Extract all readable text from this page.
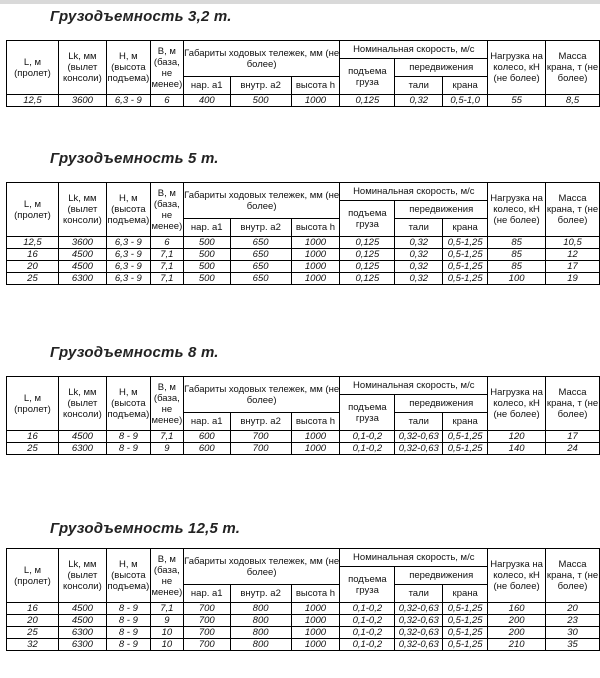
Грузодъемность 3,2 т.
L, м (пролет)	Lk, мм (вылет консоли)	H, м (высота подъема)	B, м (база, не менее)	Габариты ходовых тележек, мм (не более)			Номинальная скорость, м/с			Нагрузка на колесо, кН (не более)	Масса крана, т (не более)
							подъема груза	передвижения			
				нар. а1	внутр. а2	высота h		тали	крана		

12,5	3600	6,3 - 9	6	400	500	1000	0,125	0,32	0,5-1,0	55	8,5
Грузодъемность 5 т.
L, м (пролет)	Lk, мм (вылет консоли)	H, м (высота подъема)	B, м (база, не менее)	Габариты ходовых тележек, мм (не более)			Номинальная скорость, м/с			Нагрузка на колесо, кН (не более)	Масса крана, т (не более)
							подъема груза	передвижения			
				нар. а1	внутр. а2	высота h		тали	крана		

12,5	3600	6,3 - 9	6	500	650	1000	0,125	0,32	0,5-1,25	85	10,5
16	4500	6,3 - 9	7,1	500	650	1000	0,125	0,32	0,5-1,25	85	12
20	4500	6,3 - 9	7,1	500	650	1000	0,125	0,32	0,5-1,25	85	17
25	6300	6,3 - 9	7,1	500	650	1000	0,125	0,32	0,5-1,25	100	19
Грузодъемность 8 т.
L, м (пролет)	Lk, мм (вылет консоли)	H, м (высота подъема)	B, м (база, не менее)	Габариты ходовых тележек, мм (не более)			Номинальная скорость, м/с			Нагрузка на колесо, кН (не более)	Масса крана, т (не более)
							подъема груза	передвижения			
				нар. а1	внутр. а2	высота h		тали	крана		

16	4500	8 - 9	7,1	600	700	1000	0,1-0,2	0,32-0,63	0,5-1,25	120	17
25	6300	8 - 9	9	600	700	1000	0,1-0,2	0,32-0,63	0,5-1,25	140	24
Грузодъемность 12,5 т.
L, м (пролет)	Lk, мм (вылет консоли)	H, м (высота подъема)	B, м (база, не менее)	Габариты ходовых тележек, мм (не более)			Номинальная скорость, м/с			Нагрузка на колесо, кН (не более)	Масса крана, т (не более)
							подъема груза	передвижения			
				нар. а1	внутр. а2	высота h		тали	крана		

16	4500	8 - 9	7,1	700	800	1000	0,1-0,2	0,32-0,63	0,5-1,25	160	20
20	4500	8 - 9	9	700	800	1000	0,1-0,2	0,32-0,63	0,5-1,25	200	23
25	6300	8 - 9	10	700	800	1000	0,1-0,2	0,32-0,63	0,5-1,25	200	30
32	6300	8 - 9	10	700	800	1000	0,1-0,2	0,32-0,63	0,5-1,25	210	35
